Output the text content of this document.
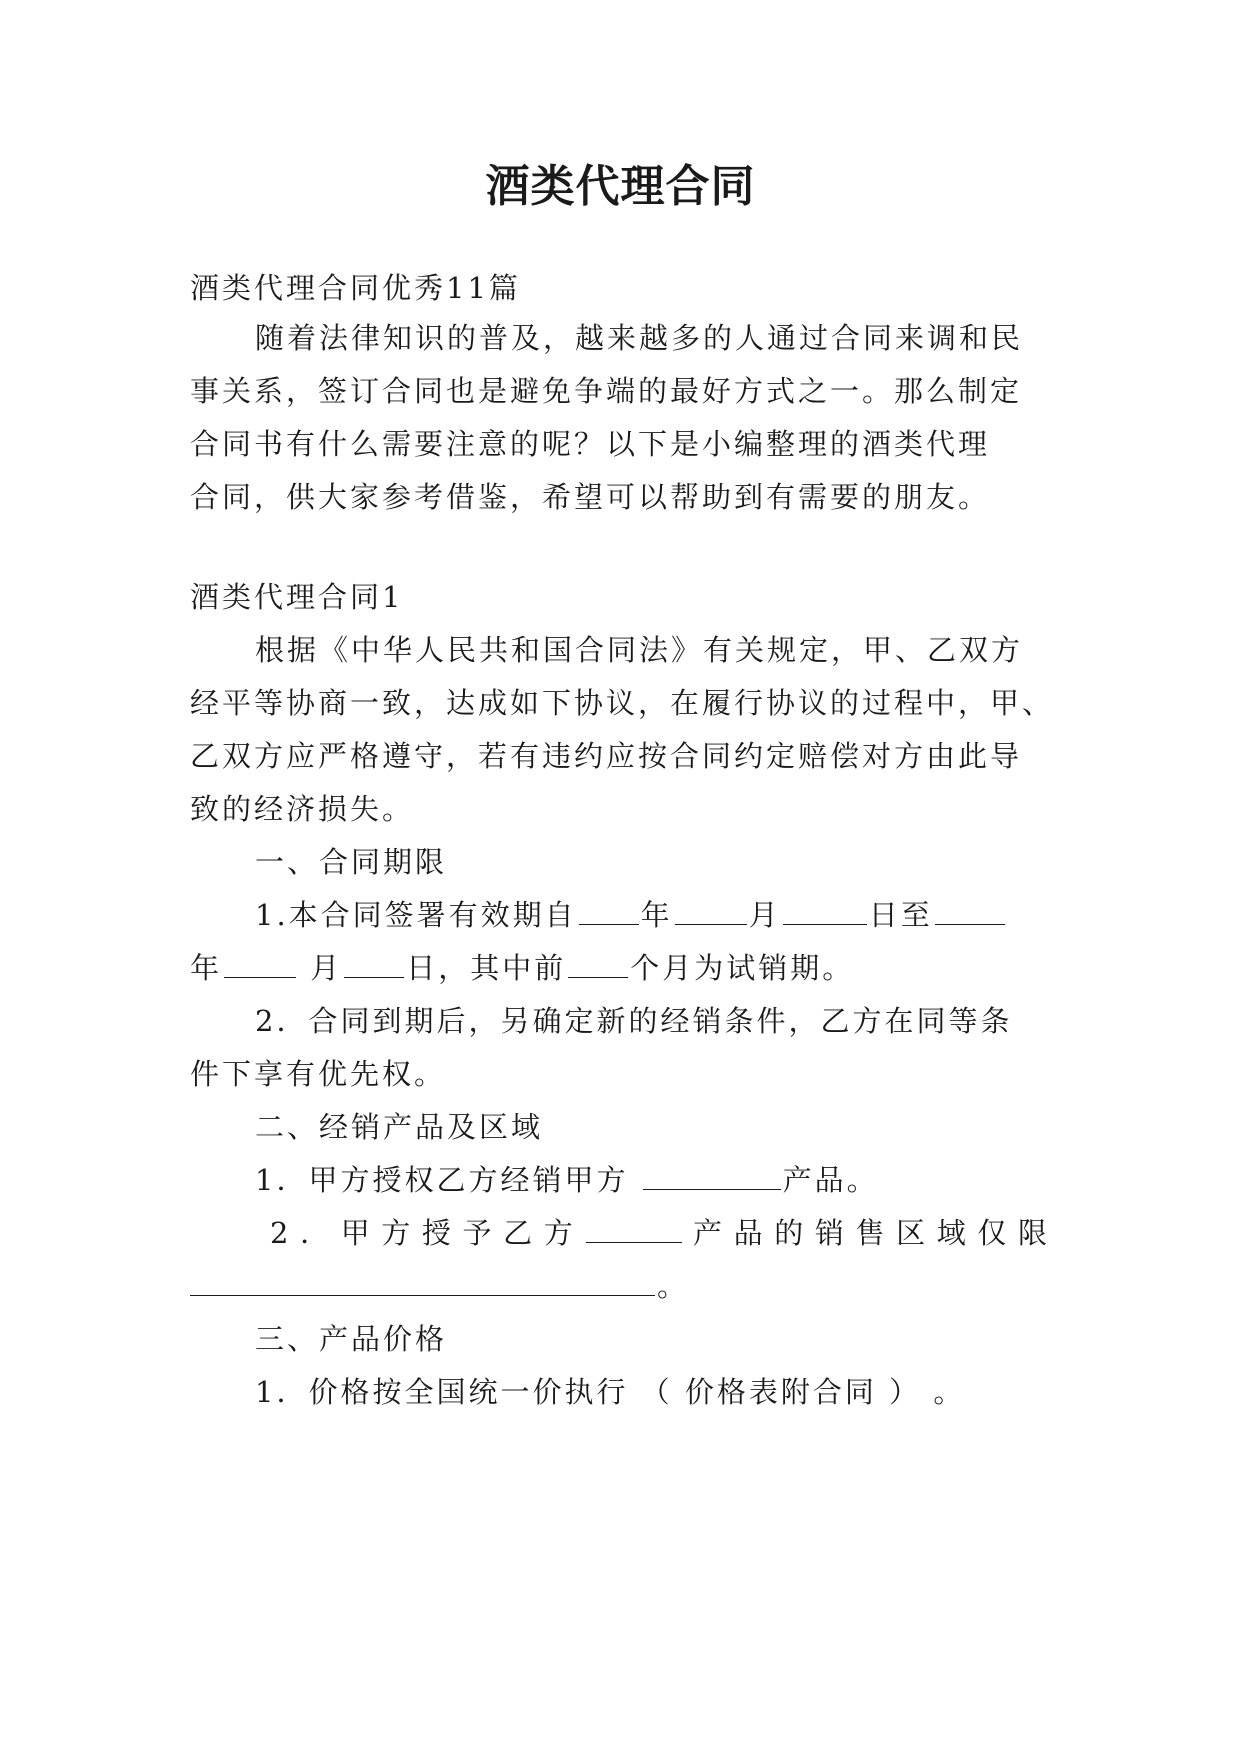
酒类代理合同
酒类代理合同优秀11篇
随着法律知识的普及，越来越多的人通过合同来调和民
事关系，签订合同也是避免争端的最好方式之一。那么制定
合同书有什么需要注意的呢？以下是小编整理的酒类代理
合同，供大家参考借鉴，希望可以帮助到有需要的朋友。
酒类代理合同1
根据《中华人民共和国合同法》有关规定，甲、乙双方
经平等协商一致，达成如下协议，在履行协议的过程中，甲、
乙双方应严格遵守，若有违约应按合同约定赔偿对方由此导
致的经济损失。
一、合同期限
1.本合同签署有效期自 年	月	日至
年	月 日，其中前 个月为试销期。
2．合同到期后，另确定新的经销条件，乙方在同等条
件下享有优先权。
二、经销产品及区域
1．甲方授权乙方经销甲方	产品。
2．甲方授予乙方	产品的销售区域仅限
。
三、产品价格
1．价格按全国统一价执行 （ 价格表附合同 ） 。
